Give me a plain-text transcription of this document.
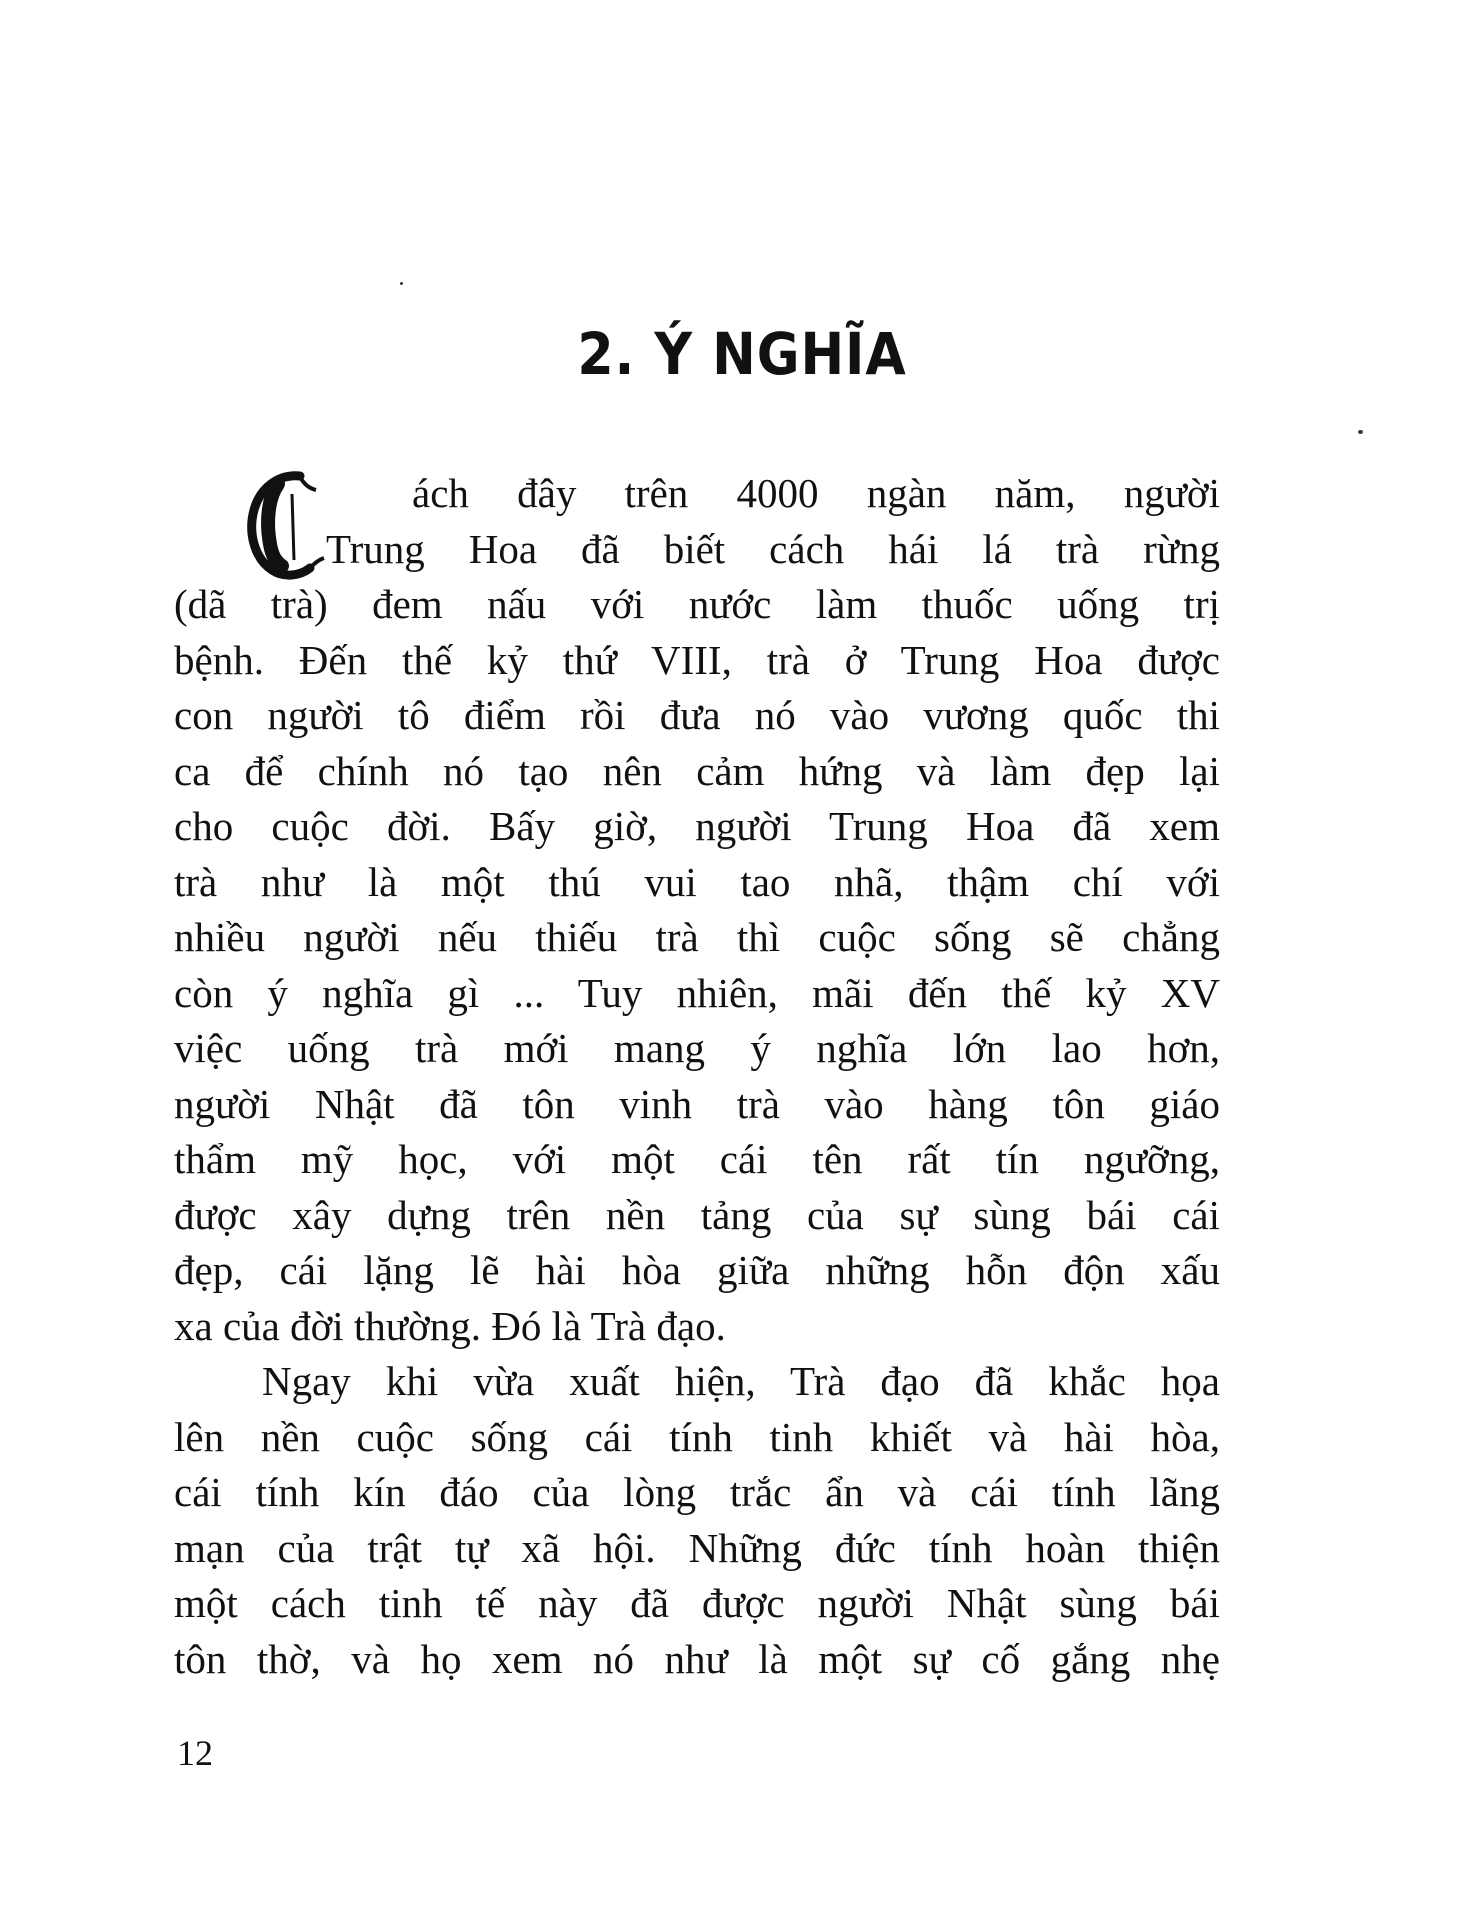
2. Ý NGHĨA
ách đây trên 4000 ngàn năm, người
Trung Hoa đã biết cách hái lá trà rừng
(dã trà) đem nấu với nước làm thuốc uống trị
bệnh. Đến thế kỷ thứ VIII, trà ở Trung Hoa được
con người tô điểm rồi đưa nó vào vương quốc thi
ca để chính nó tạo nên cảm hứng và làm đẹp lại
cho cuộc đời. Bấy giờ, người Trung Hoa đã xem
trà như là một thú vui tao nhã, thậm chí với
nhiều người nếu thiếu trà thì cuộc sống sẽ chẳng
còn ý nghĩa gì ... Tuy nhiên, mãi đến thế kỷ XV
việc uống trà mới mang ý nghĩa lớn lao hơn,
người Nhật đã tôn vinh trà vào hàng tôn giáo
thẩm mỹ học, với một cái tên rất tín ngưỡng,
được xây dựng trên nền tảng của sự sùng bái cái
đẹp, cái lặng lẽ hài hòa giữa những hỗn độn xấu
xa của đời thường. Đó là Trà đạo.
Ngay khi vừa xuất hiện, Trà đạo đã khắc họa
lên nền cuộc sống cái tính tinh khiết và hài hòa,
cái tính kín đáo của lòng trắc ẩn và cái tính lãng
mạn của trật tự xã hội. Những đức tính hoàn thiện
một cách tinh tế này đã được người Nhật sùng bái
tôn thờ, và họ xem nó như là một sự cố gắng nhẹ
12
